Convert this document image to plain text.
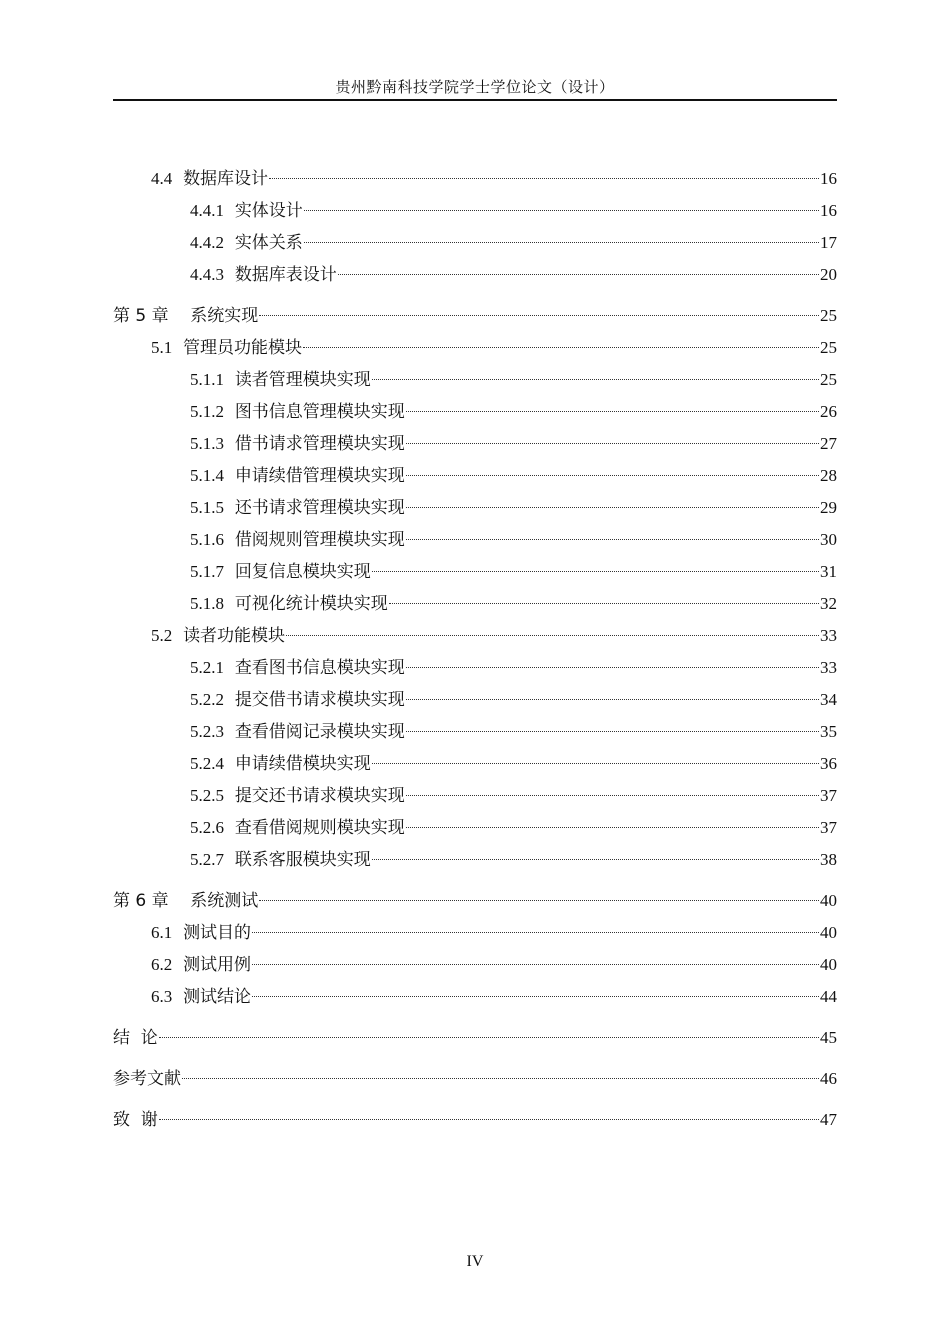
贵州黔南科技学院学士学位论文（设计）
4.4 数据库设计	16
4.4.1 实体设计	16
4.4.2 实体关系	17
4.4.3 数据库表设计	20
第 5 章 系统实现	25
5.1 管理员功能模块	25
5.1.1 读者管理模块实现	25
5.1.2 图书信息管理模块实现	26
5.1.3 借书请求管理模块实现	27
5.1.4 申请续借管理模块实现	28
5.1.5 还书请求管理模块实现	29
5.1.6 借阅规则管理模块实现	30
5.1.7 回复信息模块实现	31
5.1.8 可视化统计模块实现	32
5.2 读者功能模块	33
5.2.1 查看图书信息模块实现	33
5.2.2 提交借书请求模块实现	34
5.2.3 查看借阅记录模块实现	35
5.2.4 申请续借模块实现	36
5.2.5 提交还书请求模块实现	37
5.2.6 查看借阅规则模块实现	37
5.2.7 联系客服模块实现	38
第 6 章 系统测试	40
6.1 测试目的	40
6.2 测试用例	40
6.3 测试结论	44
结  论	45
参考文献	46
致  谢	47
IV
